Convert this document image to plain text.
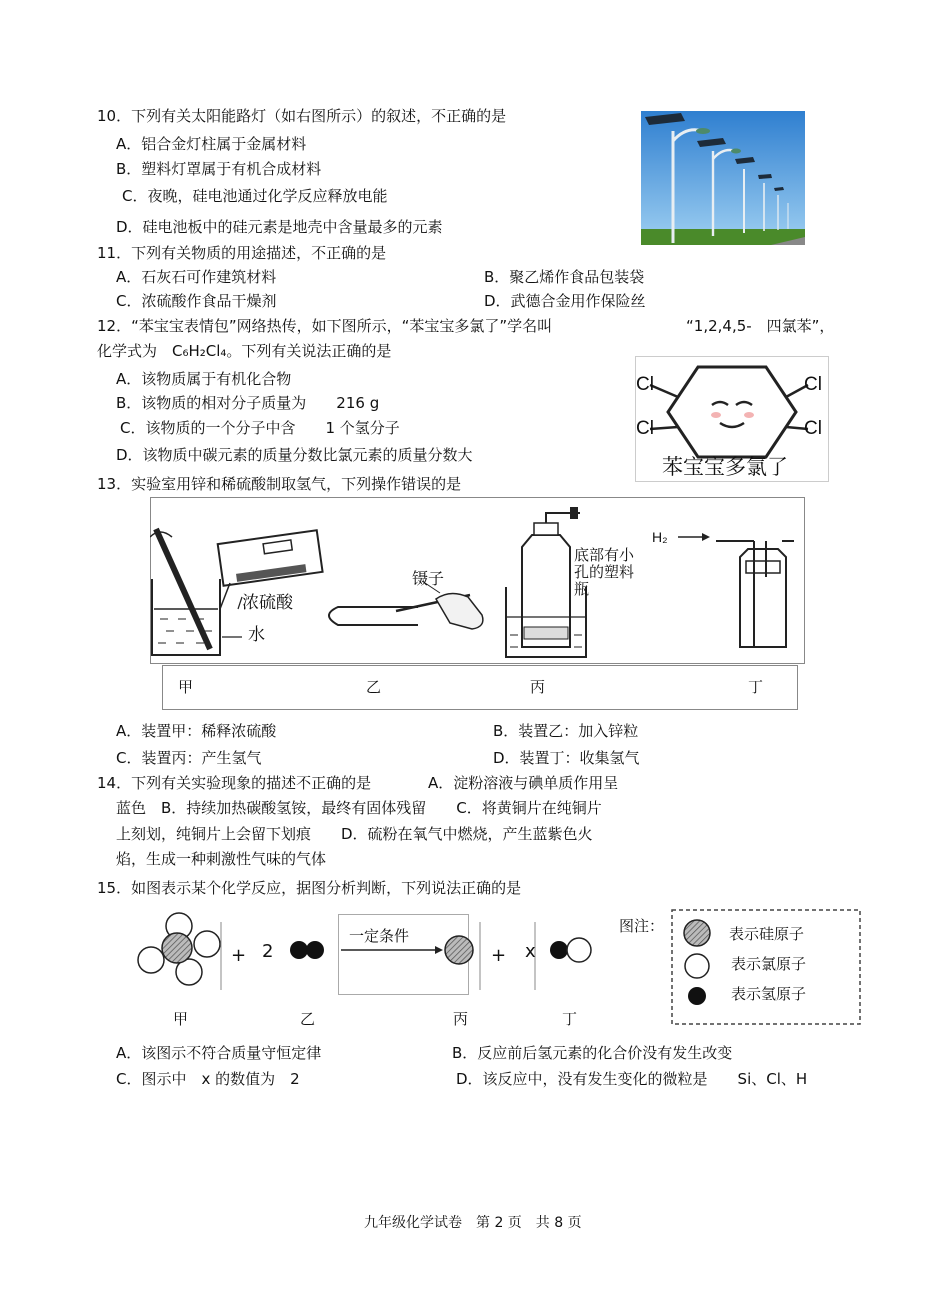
10．下列有关太阳能路灯（如右图所示）的叙述，不正确的是
A．铝合金灯柱属于金属材料
B．塑料灯罩属于有机合成材料
C．夜晚，硅电池通过化学反应释放电能
D．硅电池板中的硅元素是地壳中含量最多的元素
11．下列有关物质的用途描述，不正确的是
A．石灰石可作建筑材料	B．聚乙烯作食品包装袋
C．浓硫酸作食品干燥剂	D．武德合金用作保险丝
12．“苯宝宝表情包”网络热传，如下图所示，“苯宝宝多氯了”学名叫	“1,2,4,5-　四氯苯”，
化学式为　C₆H₂Cl₄。下列有关说法正确的是
A．该物质属于有机化合物
B．该物质的相对分子质量为　　216 g
C．该物质的一个分子中含　　1 个氢分子
D．该物质中碳元素的质量分数比氯元素的质量分数大
Cl
Cl
Cl
Cl
苯宝宝多氯了
13．实验室用锌和稀硫酸制取氢气，下列操作错误的是
浓硫酸
水
镊子
底部有小孔的塑料瓶
H₂
甲	乙	丙	丁
A．装置甲：稀释浓硫酸	B．装置乙：加入锌粒
C．装置丙：产生氢气	D．装置丁：收集氢气
14．下列有关实验现象的描述不正确的是	A．淀粉溶液与碘单质作用呈
蓝色　B．持续加热碳酸氢铵，最终有固体残留　　C．将黄铜片在纯铜片
上刻划，纯铜片上会留下划痕　　D．硫粉在氧气中燃烧，产生蓝紫色火
焰，生成一种刺激性气味的气体
15．如图表示某个化学反应，据图分析判断，下列说法正确的是
+ 2
一定条件
+ x
甲	乙	丙	丁
图注：	表示硅原子
表示氯原子
表示氢原子
A．该图示不符合质量守恒定律	B．反应前后氢元素的化合价没有发生改变
C．图示中　x 的数值为　2	D．该反应中，没有发生变化的微粒是　　Si、Cl、H
九年级化学试卷　第 2 页　共 8 页
